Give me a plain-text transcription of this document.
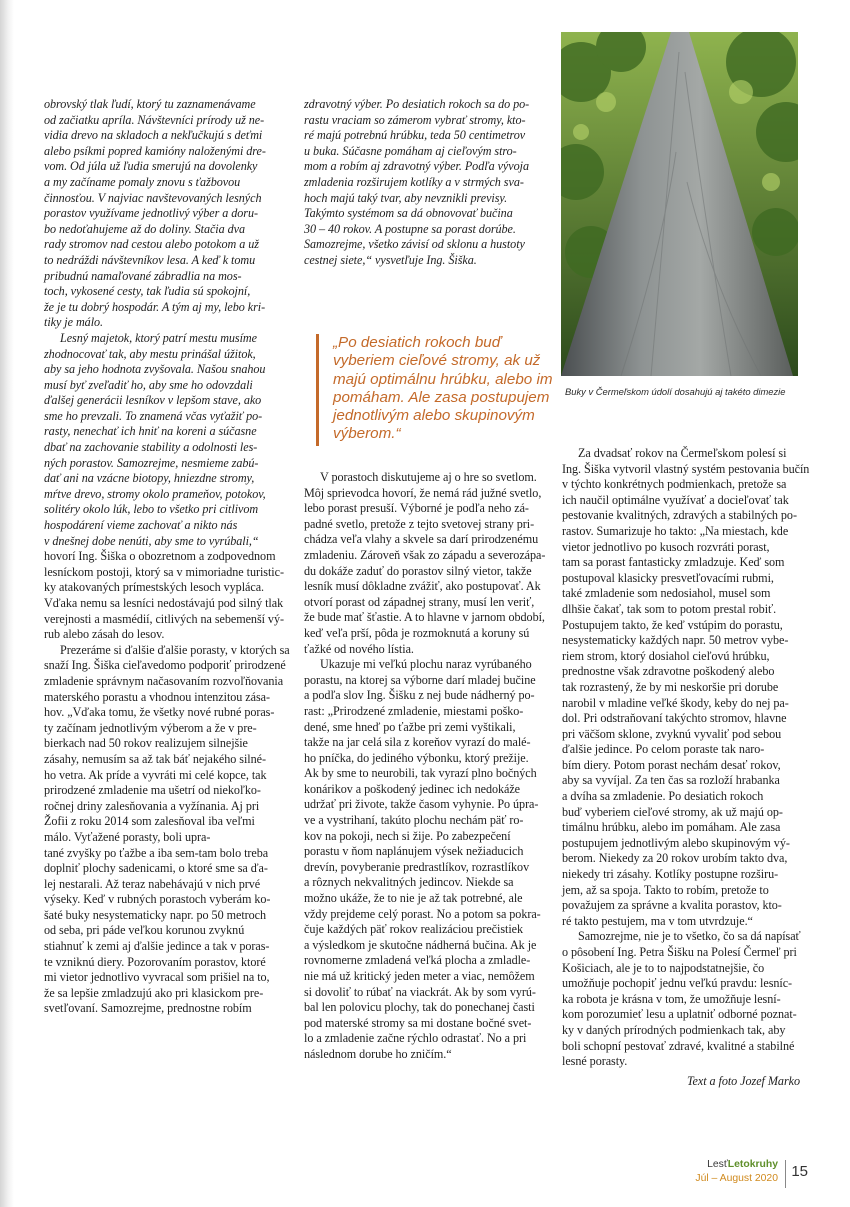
obrovský tlak ľudí, ktorý tu zaznamenávame
od začiatku apríla. Návštevníci prírody už ne-
vidia drevo na skladoch a nekľučkujú s deťmi
alebo psíkmi popred kamióny naloženými dre-
vom. Od júla už ľudia smerujú na dovolenky
a my začíname pomaly znovu s ťažbovou
činnosťou. V najviac navštevovaných lesných
porastov využívame jednotlivý výber a doru-
bo nedoťahujeme až do doliny. Stačia dva
rady stromov nad cestou alebo potokom a už
to nedráždi návštevníkov lesa. A keď k tomu
pribudnú namaľované zábradlia na mos-
toch, vykosené cesty, tak ľudia sú spokojní,
že je tu dobrý hospodár. A tým aj my, lebo kri-
tiky je málo.

Lesný majetok, ktorý patrí mestu musíme
zhodnocovať tak, aby mestu prinášal úžitok,
aby sa jeho hodnota zvyšovala. Našou snahou
musí byť zveľadiť ho, aby sme ho odovzdali
ďalšej generácii lesníkov v lepšom stave, ako
sme ho prevzali. To znamená včas vyťažiť po-
rasty, nenechať ich hniť na koreni a súčasne
dbať na zachovanie stability a odolnosti les-
ných porastov. Samozrejme, nesmieme zabú-
dať ani na vzácne biotopy, hniezdne stromy,
mŕtve drevo, stromy okolo prameňov, potokov,
solitéry okolo lúk, lebo to všetko pri citlivom
hospodárení vieme zachovať a nikto nás
v dnešnej dobe nenúti, aby sme to vyrúbali,“

hovorí Ing. Šiška o obozretnom a zodpovednom
lesníckom postoji, ktorý sa v mimoriadne turistic-
ky atakovaných prímestských lesoch vypláca.
Vďaka nemu sa lesníci nedostávajú pod silný tlak
verejnosti a masmédií, citlivých na sebemenší vý-
rub alebo zásah do lesov.

Prezeráme si ďalšie ďalšie porasty, v ktorých sa
snaží Ing. Šiška cieľavedomo podporiť prirodzené
zmladenie správnym načasovaním rozvoľňovania
materského porastu a vhodnou intenzitou zása-
hov. „Vďaka tomu, že všetky nové rubné poras-
ty začínam jednotlivým výberom a že v pre-
bierkach nad 50 rokov realizujem silnejšie
zásahy, nemusím sa až tak báť nejakého silné-
ho vetra. Ak príde a vyvráti mi celé kopce, tak
prirodzené zmladenie ma ušetrí od niekoľko-
ročnej driny zalesňovania a vyžínania. Aj pri
Žofii z roku 2014 som zalesňoval iba veľmi
málo. Vyťažené porasty, boli upra-
tané zvyšky po ťažbe a iba sem-tam bolo treba
doplniť plochy sadenicami, o ktoré sme sa ďa-
lej nestarali. Až teraz nabehávajú v nich prvé
výseky. Keď v rubných porastoch vyberám ko-
šaté buky nesystematicky napr. po 50 metroch
od seba, pri páde veľkou korunou zvyknú
stiahnuť k zemi aj ďalšie jedince a tak v poras-
te vzniknú diery. Pozorovaním porastov, ktoré
mi vietor jednotlivo vyvracal som prišiel na to,
že sa lepšie zmladzujú ako pri klasickom pre-
svetľovaní. Samozrejme, prednostne robím

zdravotný výber. Po desiatich rokoch sa do po-
rastu vraciam so zámerom vybrať stromy, kto-
ré majú potrebnú hrúbku, teda 50 centimetrov
u buka. Súčasne pomáham aj cieľovým stro-
mom a robím aj zdravotný výber. Podľa vývoja
zmladenia rozširujem kotlíky a v strmých sva-
hoch majú taký tvar, aby nevznikli previsy.
Takýmto systémom sa dá obnovovať bučina
30 – 40 rokov. A postupne sa porast dorúbe.
Samozrejme, všetko závisí od sklonu a hustoty
cestnej siete,“ vysvetľuje Ing. Šiška.

„Po desiatich rokoch buď vyberiem cieľové stromy, ak už majú optimálnu hrúbku, alebo im pomáham. Ale zasa postupujem jednotlivým alebo skupinovým výberom.“

V porastoch diskutujeme aj o hre so svetlom.
Môj sprievodca hovorí, že nemá rád južné svetlo,
lebo porast presuší. Výborné je podľa neho zá-
padné svetlo, pretože z tejto svetovej strany pri-
chádza veľa vlahy a skvele sa darí prirodzenému
zmladeniu. Zároveň však zo západu a severozápa-
du dokáže zaduť do porastov silný vietor, takže
lesník musí dôkladne zvážiť, ako postupovať. Ak
otvorí porast od západnej strany, musí len veriť,
že bude mať šťastie. A to hlavne v jarnom období,
keď veľa prší, pôda je rozmoknutá a koruny sú
ťažké od nového lístia.

Ukazuje mi veľkú plochu naraz vyrúbaného
porastu, na ktorej sa výborne darí mladej bučine
a podľa slov Ing. Šišku z nej bude nádherný po-
rast: „Prirodzené zmladenie, miestami poško-
dené, sme hneď po ťažbe pri zemi vyštikali,
takže na jar celá sila z koreňov vyrazí do malé-
ho pníčka, do jediného výbonku, ktorý prežije.
Ak by sme to neurobili, tak vyrazí plno bočných
konárikov a poškodený jedinec ich nedokáže
udržať pri živote, takže časom vyhynie. Po úpra-
ve a vystrihaní, takúto plochu nechám päť ro-
kov na pokoji, nech si žije. Po zabezpečení
porastu v ňom naplánujem výsek nežiaducich
drevín, povyberanie predrastlíkov, rozrastlíkov
a rôznych nekvalitných jedincov. Niekde sa
možno ukáže, že to nie je až tak potrebné, ale
vždy prejdeme celý porast. No a potom sa pokra-
čuje každých päť rokov realizáciou prečistiek
a výsledkom je skutočne nádherná bučina. Ak je
rovnomerne zmladená veľká plocha a zmladle-
nie má už kritický jeden meter a viac, nemôžem
si dovoliť to rúbať na viackrát. Ak by som vyrú-
bal len polovicu plochy, tak do ponechanej časti
pod materské stromy sa mi dostane bočné svet-
lo a zmladenie začne rýchlo odrastať. No a pri
následnom dorube ho zničím.“

Buky v Čermeľskom údolí dosahujú aj takéto dimezie

Za dvadsať rokov na Čermeľskom polesí si
Ing. Šiška vytvoril vlastný systém pestovania bučín
v týchto konkrétnych podmienkach, pretože sa
ich naučil optimálne využívať a docieľovať tak
pestovanie kvalitných, zdravých a stabilných po-
rastov. Sumarizuje ho takto: „Na miestach, kde
vietor jednotlivo po kusoch rozvráti porast,
tam sa porast fantasticky zmladzuje. Keď som
postupoval klasicky presvetľovacími rubmi,
také zmladenie som nedosiahol, musel som
dlhšie čakať, tak som to potom prestal robiť.
Postupujem takto, že keď vstúpim do porastu,
nesystematicky každých napr. 50 metrov vybe-
riem strom, ktorý dosiahol cieľovú hrúbku,
prednostne však zdravotne poškodený alebo
tak rozrastený, že by mi neskoršie pri dorube
narobil v mladine veľké škody, keby do nej pa-
dol. Pri odstraňovaní takýchto stromov, hlavne
pri väčšom sklone, zvyknú vyvaliť pod sebou
ďalšie jedince. Po celom poraste tak naro-
bím diery. Potom porast nechám desať rokov,
aby sa vyvíjal. Za ten čas sa rozloží hrabanka
a dvíha sa zmladenie. Po desiatich rokoch
buď vyberiem cieľové stromy, ak už majú op-
timálnu hrúbku, alebo im pomáham. Ale zasa
postupujem jednotlivým alebo skupinovým vý-
berom. Niekedy za 20 rokov urobím takto dva,
niekedy tri zásahy. Kotlíky postupne rozširu-
jem, až sa spoja. Takto to robím, pretože to
považujem za správne a kvalita porastov, kto-
ré takto pestujem, ma v tom utvrdzuje.“

Samozrejme, nie je to všetko, čo sa dá napísať
o pôsobení Ing. Petra Šišku na Polesí Čermeľ pri
Košiciach, ale je to to najpodstatnejšie, čo
umožňuje pochopiť jednu veľkú pravdu: lesníc-
ka robota je krásna v tom, že umožňuje lesní-
kom porozumieť lesu a uplatniť odborné poznat-
ky v daných prírodných podmienkach tak, aby
boli schopní pestovať zdravé, kvalitné a stabilné
lesné porasty.

Text a foto Jozef Marko

LesťLetokruhy
Júl – August 2020 15
